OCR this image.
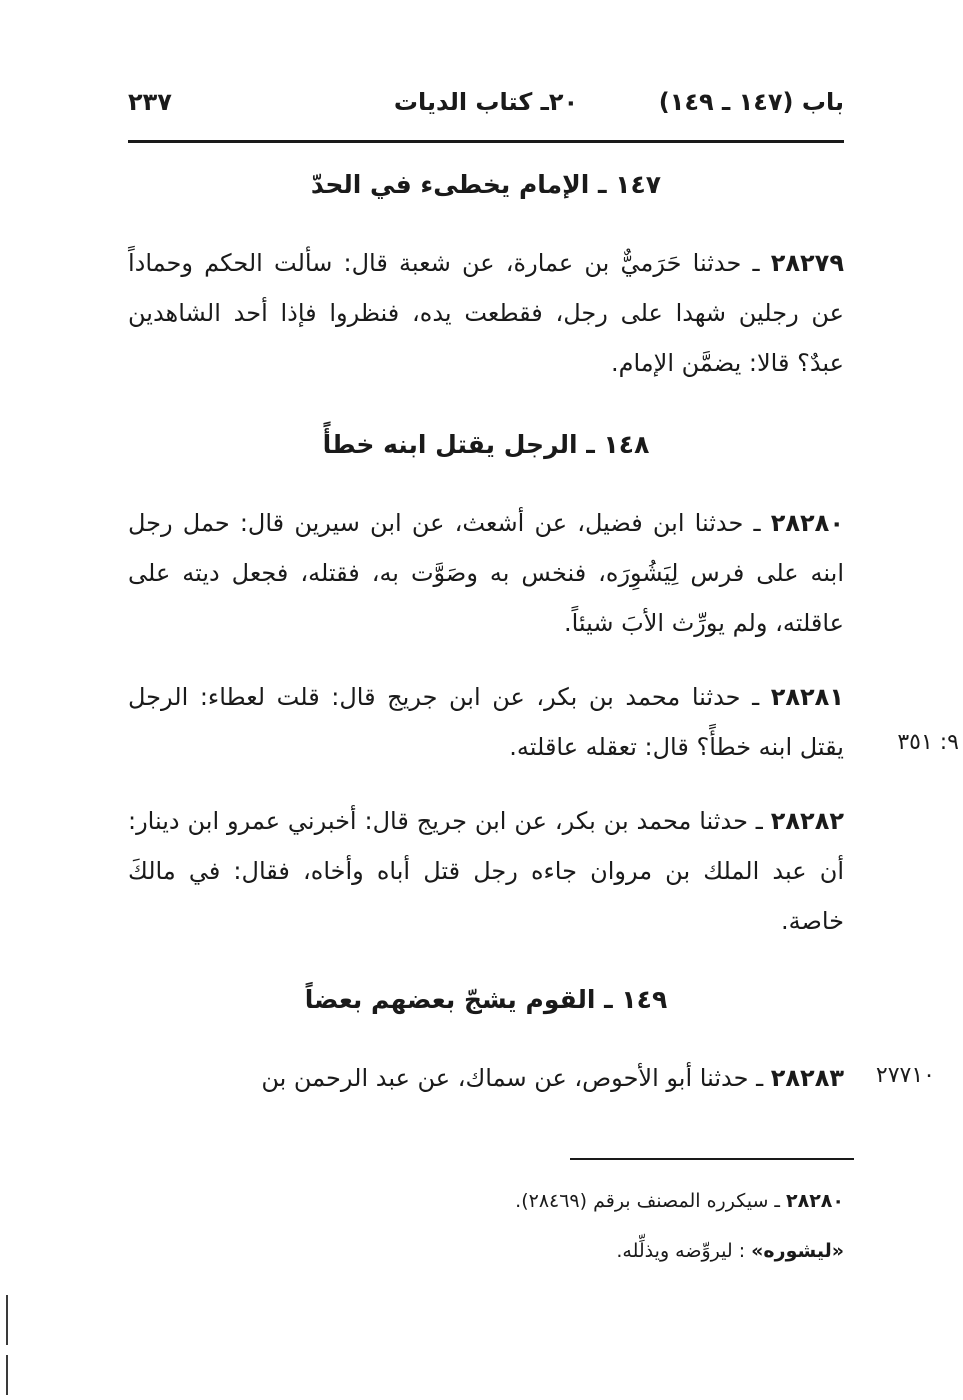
باب (١٤٧ ـ ١٤٩)
٢٠ـ كتاب الديات
٢٣٧
١٤٧ ـ الإمام يخطىء في الحدّ

٢٨٢٧٩ ـ حدثنا حَرَميٌّ بن عمارة، عن شعبة قال: سألت الحكم وحماداً عن رجلين شهدا على رجل، فقطعت يده، فنظروا فإذا أحد الشاهدين عبدٌ؟ قالا: يضمَّن الإمام.

١٤٨ ـ الرجل يقتل ابنه خطأً

٢٨٢٨٠ ـ حدثنا ابن فضيل، عن أشعث، عن ابن سيرين قال: حمل رجل ابنه على فرس لِيَشُوِرَه، فنخس به وصَوَّت به، فقتله، فجعل ديته على عاقلته، ولم يورِّث الأبَ شيئاً.

٢٨٢٨١ ـ حدثنا محمد بن بكر، عن ابن جريج قال: قلت لعطاء: الرجل يقتل ابنه خطأً؟ قال: تعقله عاقلته. ٩: ٣٥١

٢٨٢٨٢ ـ حدثنا محمد بن بكر، عن ابن جريج قال: أخبرني عمرو ابن دينار: أن عبد الملك بن مروان جاءه رجل قتل أباه وأخاه، فقال: في مالكَ خاصة.

١٤٩ ـ القوم يشجّ بعضهم بعضاً

٢٨٢٨٣ ـ حدثنا أبو الأحوص، عن سماك، عن عبد الرحمن بن	٢٧٧١٠
٢٨٢٨٠ ـ سيكرره المصنف برقم (٢٨٤٦٩).
«ليشوره» : ليروِّضه ويذلِّله.
